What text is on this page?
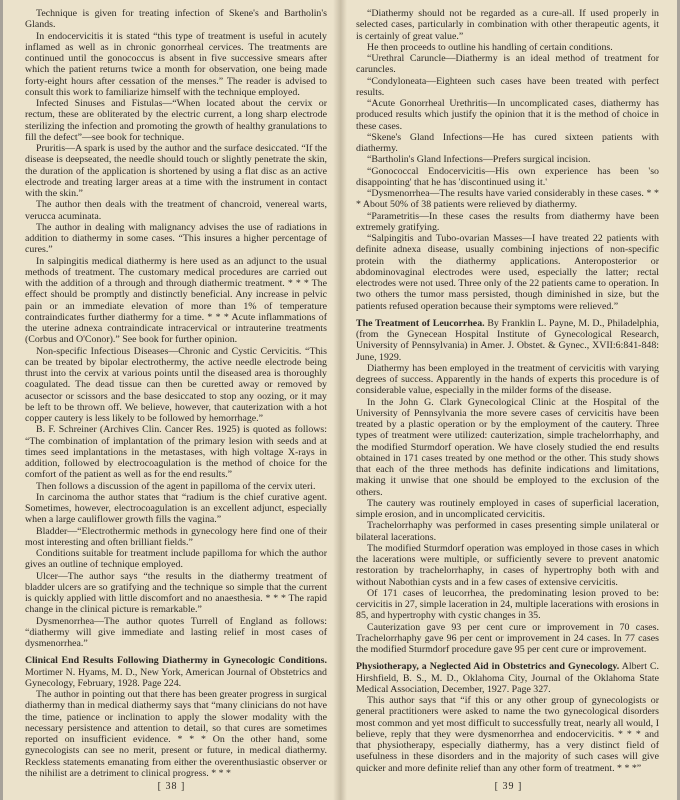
Technique is given for treating infection of Skene's and Bartholin's Glands.

In endocervicitis it is stated “this type of treatment is useful in acutely inflamed as well as in chronic gonorrheal cervices. The treatments are continued until the gonococcus is absent in five successive smears after which the patient returns twice a month for observation, one being made forty-eight hours after cessation of the menses.” The reader is advised to consult this work to familiarize himself with the technique employed.

Infected Sinuses and Fistulas—“When located about the cervix or rectum, these are obliterated by the electric current, a long sharp electrode sterilizing the infection and promoting the growth of healthy granulations to fill the defect”—see book for technique.

Pruritis—A spark is used by the author and the surface desiccated. “If the disease is deepseated, the needle should touch or slightly penetrate the skin, the duration of the application is shortened by using a flat disc as an active electrode and treating larger areas at a time with the instrument in contact with the skin.”

The author then deals with the treatment of chancroid, venereal warts, verucca acuminata.

The author in dealing with malignancy advises the use of radiations in addition to diathermy in some cases. “This insures a higher percentage of cures.”

In salpingitis medical diathermy is here used as an adjunct to the usual methods of treatment. The customary medical procedures are carried out with the addition of a through and through diathermic treatment. * * * The effect should be promptly and distinctly beneficial. Any increase in pelvic pain or an immediate elevation of more than 1% of temperature contraindicates further diathermy for a time. * * * Acute inflammations of the uterine adnexa contraindicate intracervical or intrauterine treatments (Corbus and O'Conor).” See book for further opinion.

Non-specific Infectious Diseases—Chronic and Cystic Cervicitis. “This can be treated by bipolar electrothermy, the active needle electrode being thrust into the cervix at various points until the diseased area is thoroughly coagulated. The dead tissue can then be curetted away or removed by acusector or scissors and the base desiccated to stop any oozing, or it may be left to be thrown off. We believe, however, that cauterization with a hot copper cautery is less likely to be followed by hemorrhage.”

B. F. Schreiner (Archives Clin. Cancer Res. 1925) is quoted as follows: “The combination of implantation of the primary lesion with seeds and at times seed implantations in the metastases, with high voltage X-rays in addition, followed by electrocoagulation is the method of choice for the comfort of the patient as well as for the end results.”

Then follows a discussion of the agent in papilloma of the cervix uteri.

In carcinoma the author states that “radium is the chief curative agent. Sometimes, however, electrocoagulation is an excellent adjunct, especially when a large cauliflower growth fills the vagina.”

Bladder—“Electrothermic methods in gynecology here find one of their most interesting and often brilliant fields.”

Conditions suitable for treatment include papilloma for which the author gives an outline of technique employed.

Ulcer—The author says “the results in the diathermy treatment of bladder ulcers are so gratifying and the technique so simple that the current is quickly applied with little discomfort and no anaesthesia. * * * The rapid change in the clinical picture is remarkable.”

Dysmenorrhea—The author quotes Turrell of England as follows: “diathermy will give immediate and lasting relief in most cases of dysmenorrhea.”

Clinical End Results Following Diathermy in Gynecologic Conditions. Mortimer N. Hyams, M. D., New York, American Journal of Obstetrics and Gynecology, February, 1928. Page 224.

The author in pointing out that there has been greater progress in surgical diathermy than in medical diathermy says that “many clinicians do not have the time, patience or inclination to apply the slower modality with the necessary persistence and attention to detail, so that cures are sometimes reported on insufficient evidence. * * * On the other hand, some gynecologists can see no merit, present or future, in medical diathermy. Reckless statements emanating from either the overenthusiastic observer or the nihilist are a detriment to clinical progress. * * *

[ 38 ]

“Diathermy should not be regarded as a cure-all. If used properly in selected cases, particularly in combination with other therapeutic agents, it is certainly of great value.”

He then proceeds to outline his handling of certain conditions.

“Urethral Caruncle—Diathermy is an ideal method of treatment for caruncles.

“Condyloneata—Eighteen such cases have been treated with perfect results.

“Acute Gonorrheal Urethritis—In uncomplicated cases, diathermy has produced results which justify the opinion that it is the method of choice in these cases.

“Skene's Gland Infections—He has cured sixteen patients with diathermy.

“Bartholin's Gland Infections—Prefers surgical incision.

“Gonococcal Endocervicitis—His own experience has been 'so disappointing' that he has 'discontinued using it.'

“Dysmenorrhea—The results have varied considerably in these cases. * * * About 50% of 38 patients were relieved by diathermy.

“Parametritis—In these cases the results from diathermy have been extremely gratifying.

“Salpingitis and Tubo-ovarian Masses—I have treated 22 patients with definite adnexa disease, usually combining injections of non-specific protein with the diathermy applications. Anteroposterior or abdominovaginal electrodes were used, especially the latter; rectal electrodes were not used. Three only of the 22 patients came to operation. In two others the tumor mass persisted, though diminished in size, but the patients refused operation because their symptoms were relieved.”

The Treatment of Leucorrhea. By Franklin L. Payne, M. D., Philadelphia, (from the Gynecean Hospital Institute of Gynecological Research, University of Pennsylvania) in Amer. J. Obstet. & Gynec., XVII:6:841-848: June, 1929.

Diathermy has been employed in the treatment of cervicitis with varying degrees of success. Apparently in the hands of experts this procedure is of considerable value, especially in the milder forms of the disease.

In the John G. Clark Gynecological Clinic at the Hospital of the University of Pennsylvania the more severe cases of cervicitis have been treated by a plastic operation or by the employment of the cautery. Three types of treatment were utilized: cauterization, simple trachelorrhaphy, and the modified Sturmdorf operation. We have closely studied the end results obtained in 171 cases treated by one method or the other. This study shows that each of the three methods has definite indications and limitations, making it unwise that one should be employed to the exclusion of the others.

The cautery was routinely employed in cases of superficial laceration, simple erosion, and in uncomplicated cervicitis.

Trachelorrhaphy was performed in cases presenting simple unilateral or bilateral lacerations.

The modified Sturmdorf operation was employed in those cases in which the lacerations were multiple, or sufficiently severe to prevent anatomic restoration by trachelorrhaphy, in cases of hypertrophy both with and without Nabothian cysts and in a few cases of extensive cervicitis.

Of 171 cases of leucorrhea, the predominating lesion proved to be: cervicitis in 27, simple laceration in 24, multiple lacerations with erosions in 85, and hypertrophy with cystic changes in 35.

Cauterization gave 93 per cent cure or improvement in 70 cases. Trachelorrhaphy gave 96 per cent or improvement in 24 cases. In 77 cases the modified Sturmdorf procedure gave 95 per cent cure or improvement.

Physiotherapy, a Neglected Aid in Obstetrics and Gynecology. Albert C. Hirshfield, B. S., M. D., Oklahoma City, Journal of the Oklahoma State Medical Association, December, 1927. Page 327.

This author says that “if this or any other group of gynecologists or general practitioners were asked to name the two gynecological disorders most common and yet most difficult to successfully treat, nearly all would, I believe, reply that they were dysmenorrhea and endocervicitis. * * * and that physiotherapy, especially diathermy, has a very distinct field of usefulness in these disorders and in the majority of such cases will give quicker and more definite relief than any other form of treatment. * * *”

[ 39 ]
